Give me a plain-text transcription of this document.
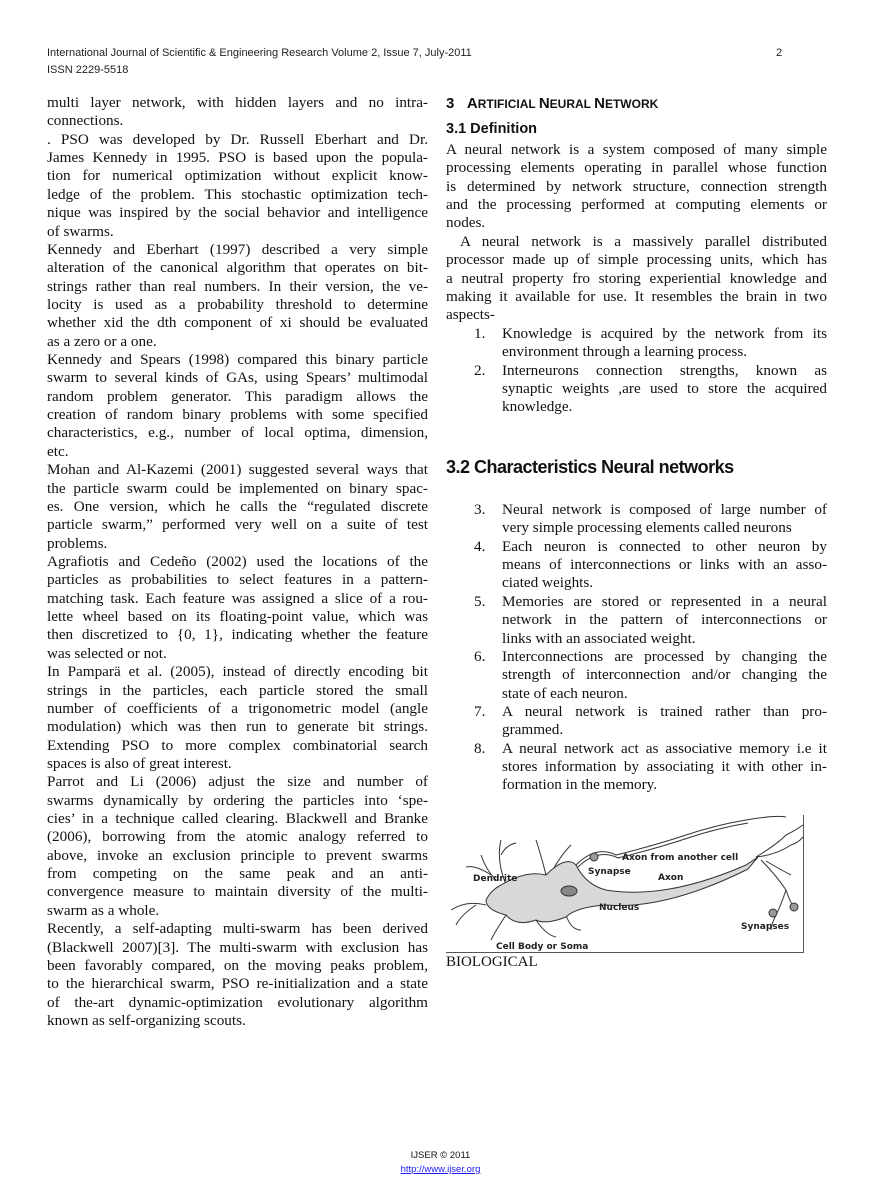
International Journal of Scientific & Engineering Research Volume 2, Issue 7, July-2011
ISSN 2229-5518
2
multi layer network, with hidden layers and no intra-
connections.
. PSO was developed by Dr. Russell Eberhart and Dr.
James Kennedy in 1995. PSO is based upon the popula-
tion for numerical optimization without explicit know-
ledge of the problem. This stochastic optimization tech-
nique was inspired by the social behavior and intelligence
of swarms.
Kennedy and Eberhart (1997) described a very simple
alteration of the canonical algorithm that operates on bit-
strings rather than real numbers. In their version, the ve-
locity is used as a probability threshold to determine
whether xid the dth component of xi should be evaluated
as a zero or a one.
Kennedy and Spears (1998) compared this binary particle
swarm to several kinds of GAs, using Spears’ multimodal
random problem generator. This paradigm allows the
creation of random binary problems with some specified
characteristics, e.g., number of local optima, dimension,
etc.
Mohan and Al-Kazemi (2001) suggested several ways that
the particle swarm could be implemented on binary spac-
es. One version, which he calls the “regulated discrete
particle swarm,” performed very well on a suite of test
problems.
Agrafiotis and Cedeño (2002) used the locations of the
particles as probabilities to select features in a pattern-
matching task. Each feature was assigned a slice of a rou-
lette wheel based on its floating-point value, which was
then discretized to {0, 1}, indicating whether the feature
was selected or not.
In Pamparä et al. (2005), instead of directly encoding bit
strings in the particles, each particle stored the small
number of coefficients of a trigonometric model (angle
modulation) which was then run to generate bit strings.
Extending PSO to more complex combinatorial search
spaces is also of great interest.
Parrot and Li (2006) adjust the size and number of
swarms dynamically by ordering the particles into ‘spe-
cies’ in a technique called clearing. Blackwell and Branke
(2006), borrowing from the atomic analogy referred to
above, invoke an exclusion principle to prevent swarms
from competing on the same peak and an anti-
convergence measure to maintain diversity of the multi-
swarm as a whole.
Recently, a self-adapting multi-swarm has been derived
(Blackwell 2007)[3]. The multi-swarm with exclusion has
been favorably compared, on the moving peaks problem,
to the hierarchical swarm, PSO re-initialization and a state
of the-art dynamic-optimization evolutionary algorithm
known as self-organizing scouts.
3 ARTIFICIAL NEURAL NETWORK
3.1 Definition
A neural network is a system composed of many simple
processing elements operating in parallel whose function
is determined by network structure, connection strength
and the processing performed at computing elements or
nodes.
A neural network is a massively parallel distributed
processor made up of simple processing units, which has
a neutral property fro storing experiential knowledge and
making it available for use. It resembles the brain in two
aspects-
1. Knowledge is acquired by the network from its
environment through a learning process.
2. Interneurons connection strengths, known as
synaptic weights ,are used to store the acquired
knowledge.
3.2 Characteristics Neural networks
3. Neural network is composed of large number of
very simple processing elements called neurons
4. Each neuron is connected to other neuron by
means of interconnections or links with an asso-
ciated weights.
5. Memories are stored or represented in a neural
network in the pattern of interconnections or
links with an associated weight.
6. Interconnections are processed by changing the
strength of interconnection and/or changing the
state of each neuron.
7. A neural network is trained rather than pro-
grammed.
8. A neural network act as associative memory i.e it
stores information by associating it with other in-
formation in the memory.
Dendrite
Synapse
Axon from another cell
Axon
Nucleus
Synapses
Cell Body or Soma
BIOLOGICAL
IJSER © 2011
http://www.ijser.org
